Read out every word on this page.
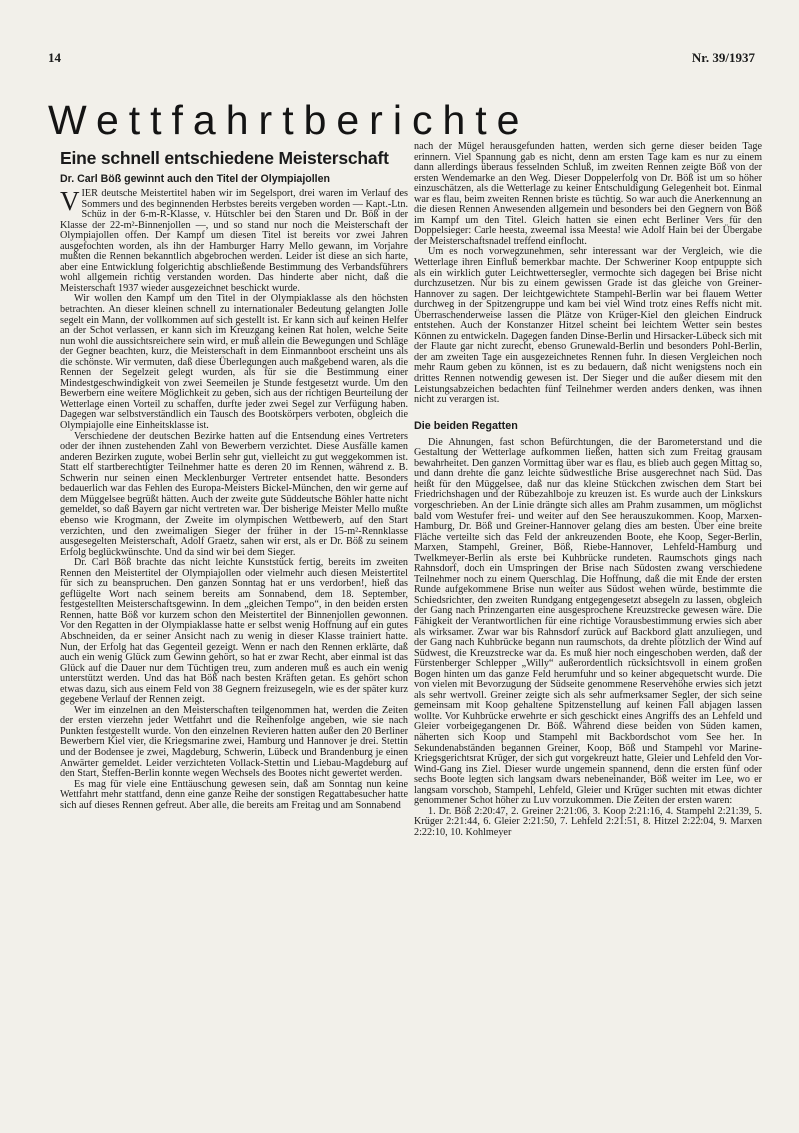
14	Nr. 39/1937
Wettfahrtberichte
Eine schnell entschiedene Meisterschaft
Dr. Carl Böß gewinnt auch den Titel der Olympiajollen

VIER deutsche Meistertitel haben wir im Segelsport, drei waren im Verlauf des Sommers und des beginnenden Herbstes bereits vergeben worden — Kapt.-Ltn. Schüz in der 6-m-R-Klasse, v. Hütschler bei den Staren und Dr. Böß in der Klasse der 22-m²-Binnenjollen —, und so stand nur noch die Meisterschaft der Olympiajollen offen. Der Kampf um diesen Titel ist bereits vor zwei Jahren ausgefochten worden, als ihn der Hamburger Harry Mello gewann, im Vorjahre mußten die Rennen bekanntlich abgebrochen werden. Leider ist diese an sich harte, aber eine Entwicklung folgerichtig abschließende Bestimmung des Verbandsführers wohl allgemein richtig verstanden worden. Das hinderte aber nicht, daß die Meisterschaft 1937 wieder ausgezeichnet beschickt wurde.

Wir wollen den Kampf um den Titel in der Olympiaklasse als den höchsten betrachten. An dieser kleinen schnell zu internationaler Bedeutung gelangten Jolle segelt ein Mann, der vollkommen auf sich gestellt ist. Er kann sich auf keinen Helfer an der Schot verlassen, er kann sich im Kreuzgang keinen Rat holen, welche Seite nun wohl die aussichtsreichere sein wird, er muß allein die Bewegungen und Schläge der Gegner beachten, kurz, die Meisterschaft in dem Einmannboot erscheint uns als die schönste. Wir vermuten, daß diese Überlegungen auch maßgebend waren, als die Rennen der Segelzeit gelegt wurden, als für sie die Bestimmung einer Mindestgeschwindigkeit von zwei Seemeilen je Stunde festgesetzt wurde. Um den Bewerbern eine weitere Möglichkeit zu geben, sich aus der richtigen Beurteilung der Wetterlage einen Vorteil zu schaffen, durfte jeder zwei Segel zur Verfügung haben. Dagegen war selbstverständlich ein Tausch des Bootskörpers verboten, obgleich die Olympiajolle eine Einheitsklasse ist.

Verschiedene der deutschen Bezirke hatten auf die Entsendung eines Vertreters oder der ihnen zustehenden Zahl von Bewerbern verzichtet. Diese Ausfälle kamen anderen Bezirken zugute, wobei Berlin sehr gut, vielleicht zu gut weggekommen ist. Statt elf startberechtigter Teilnehmer hatte es deren 20 im Rennen, während z. B. Schwerin nur seinen einen Mecklenburger Vertreter entsendet hatte. Besonders bedauerlich war das Fehlen des Europa-Meisters Bickel-München, den wir gerne auf dem Müggelsee begrüßt hätten. Auch der zweite gute Süddeutsche Böhler hatte nicht gemeldet, so daß Bayern gar nicht vertreten war. Der bisherige Meister Mello mußte ebenso wie Krogmann, der Zweite im olympischen Wettbewerb, auf den Start verzichten, und den zweimaligen Sieger der früher in der 15-m²-Rennklasse ausgesegelten Meisterschaft, Adolf Graetz, sahen wir erst, als er Dr. Böß zu seinem Erfolg beglückwünschte. Und da sind wir bei dem Sieger.

Dr. Carl Böß brachte das nicht leichte Kunststück fertig, bereits im zweiten Rennen den Meistertitel der Olympiajollen oder vielmehr auch diesen Meistertitel für sich zu beanspruchen. Den ganzen Sonntag hat er uns verdorben!, hieß das geflügelte Wort nach seinem bereits am Sonnabend, dem 18. September, festgestellten Meisterschaftsgewinn. In dem „gleichen Tempo“, in den beiden ersten Rennen, hatte Böß vor kurzem schon den Meistertitel der Binnenjollen gewonnen. Vor den Regatten in der Olympiaklasse hatte er selbst wenig Hoffnung auf ein gutes Abschneiden, da er seiner Ansicht nach zu wenig in dieser Klasse trainiert hatte. Nun, der Erfolg hat das Gegenteil gezeigt. Wenn er nach den Rennen erklärte, daß auch ein wenig Glück zum Gewinn gehört, so hat er zwar Recht, aber einmal ist das Glück auf die Dauer nur dem Tüchtigen treu, zum anderen muß es auch ein wenig unterstützt werden. Und das hat Böß nach besten Kräften getan. Es gehört schon etwas dazu, sich aus einem Feld von 38 Gegnern freizusegeln, wie es der später kurz gegebene Verlauf der Rennen zeigt.

Wer im einzelnen an den Meisterschaften teilgenommen hat, werden die Zeiten der ersten vierzehn jeder Wettfahrt und die Reihenfolge angeben, wie sie nach Punkten festgestellt wurde. Von den einzelnen Revieren hatten außer den 20 Berliner Bewerbern Kiel vier, die Kriegsmarine zwei, Hamburg und Hannover je drei. Stettin und der Bodensee je zwei, Magdeburg, Schwerin, Lübeck und Brandenburg je einen Anwärter gemeldet. Leider verzichteten Vollack-Stettin und Liebau-Magdeburg auf den Start, Steffen-Berlin konnte wegen Wechsels des Bootes nicht gewertet werden.

Es mag für viele eine Enttäuschung gewesen sein, daß am Sonntag nun keine Wettfahrt mehr stattfand, denn eine ganze Reihe der sonstigen Regattabesucher hatte sich auf dieses Rennen gefreut. Aber alle, die bereits am Freitag und am Sonnabend

nach der Mügel herausgefunden hatten, werden sich gerne dieser beiden Tage erinnern. Viel Spannung gab es nicht, denn am ersten Tage kam es nur zu einem dann allerdings überaus fesselnden Schluß, im zweiten Rennen zeigte Böß von der ersten Wendemarke an den Weg. Dieser Doppelerfolg von Dr. Böß ist um so höher einzuschätzen, als die Wetterlage zu keiner Entschuldigung Gelegenheit bot. Einmal war es flau, beim zweiten Rennen briste es tüchtig. So war auch die Anerkennung an die diesen Rennen Anwesenden allgemein und besonders bei den Gegnern von Böß im Kampf um den Titel. Gleich hatten sie einen echt Berliner Vers für den Doppelsieger: Carle heesta, zweemal issa Meesta! wie Adolf Hain bei der Übergabe der Meisterschaftsnadel treffend einflocht.

Um es noch vorwegzunehmen, sehr interessant war der Vergleich, wie die Wetterlage ihren Einfluß bemerkbar machte. Der Schweriner Koop entpuppte sich als ein wirklich guter Leichtwettersegler, vermochte sich dagegen bei Brise nicht durchzusetzen. Nur bis zu einem gewissen Grade ist das gleiche von Greiner-Hannover zu sagen. Der leichtgewichtete Stampehl-Berlin war bei flauem Wetter durchweg in der Spitzengruppe und kam bei viel Wind trotz eines Reffs nicht mit. Überraschenderweise lassen die Plätze von Krüger-Kiel den gleichen Eindruck entstehen. Auch der Konstanzer Hitzel scheint bei leichtem Wetter sein bestes Können zu entwickeln. Dagegen fanden Dinse-Berlin und Hirsacker-Lübeck sich mit der Flaute gar nicht zurecht, ebenso Grunewald-Berlin und besonders Pohl-Berlin, der am zweiten Tage ein ausgezeichnetes Rennen fuhr. In diesen Vergleichen noch mehr Raum geben zu können, ist es zu bedauern, daß nicht wenigstens noch ein drittes Rennen notwendig gewesen ist. Der Sieger und die außer diesem mit den Leistungsabzeichen bedachten fünf Teilnehmer werden anders denken, was ihnen nicht zu verargen ist.

Die beiden Regatten

Die Ahnungen, fast schon Befürchtungen, die der Barometerstand und die Gestaltung der Wetterlage aufkommen ließen, hatten sich zum Freitag grausam bewahrheitet. Den ganzen Vormittag über war es flau, es blieb auch gegen Mittag so, und dann drehte die ganz leichte südwestliche Brise ausgerechnet nach Süd. Das heißt für den Müggelsee, daß nur das kleine Stückchen zwischen dem Start bei Friedrichshagen und der Rübezahlboje zu kreuzen ist. Es wurde auch der Linkskurs vorgeschrieben. An der Linie drängte sich alles am Prahm zusammen, um möglichst bald vom Westufer frei- und weiter auf den See herauszukommen. Koop, Marxen-Hamburg, Dr. Böß und Greiner-Hannover gelang dies am besten. Über eine breite Fläche verteilte sich das Feld der ankreuzenden Boote, ehe Koop, Seger-Berlin, Marxen, Stampehl, Greiner, Böß, Riebe-Hannover, Lehfeld-Hamburg und Twelkmeyer-Berlin als erste bei Kuhbrücke rundeten. Raumschots gings nach Rahnsdorf, doch ein Umspringen der Brise nach Südosten zwang verschiedene Teilnehmer noch zu einem Querschlag. Die Hoffnung, daß die mit Ende der ersten Runde aufgekommene Brise nun weiter aus Südost wehen würde, bestimmte die Schiedsrichter, den zweiten Rundgang entgegengesetzt absegeln zu lassen, obgleich der Gang nach Prinzengarten eine ausgesprochene Kreuzstrecke gewesen wäre. Die Fähigkeit der Verantwortlichen für eine richtige Vorausbestimmung erwies sich aber als wirksamer. Zwar war bis Rahnsdorf zurück auf Backbord glatt anzuliegen, und der Gang nach Kuhbrücke begann nun raumschots, da drehte plötzlich der Wind auf Südwest, die Kreuzstrecke war da. Es muß hier noch eingeschoben werden, daß der Fürstenberger Schlepper „Willy“ außerordentlich rücksichtsvoll in einem großen Bogen hinten um das ganze Feld herumfuhr und so keiner abgequetscht wurde. Die von vielen mit Bevorzugung der Südseite genommene Reservehöhe erwies sich jetzt als sehr wertvoll. Greiner zeigte sich als sehr aufmerksamer Segler, der sich seine gemeinsam mit Koop gehaltene Spitzenstellung auf keinen Fall abjagen lassen wollte. Vor Kuhbrücke erwehrte er sich geschickt eines Angriffs des an Lehfeld und Gleier vorbeigegangenen Dr. Böß. Während diese beiden von Süden kamen, näherten sich Koop und Stampehl mit Backbordschot vom See her. In Sekundenabständen begannen Greiner, Koop, Böß und Stampehl vor Marine-Kriegsgerichtsrat Krüger, der sich gut vorgekreuzt hatte, Gleier und Lehfeld den Vor-Wind-Gang ins Ziel. Dieser wurde ungemein spannend, denn die ersten fünf oder sechs Boote legten sich langsam dwars nebeneinander, Böß weiter im Lee, wo er langsam vorschob, Stampehl, Lehfeld, Gleier und Krüger suchten mit etwas dichter genommener Schot höher zu Luv vorzukommen. Die Zeiten der ersten waren:

1. Dr. Böß 2:20:47, 2. Greiner 2:21:06, 3. Koop 2:21:16, 4. Stampehl 2:21:39, 5. Krüger 2:21:44, 6. Gleier 2:21:50, 7. Lehfeld 2:21:51, 8. Hitzel 2:22:04, 9. Marxen 2:22:10, 10. Kohlmeyer
